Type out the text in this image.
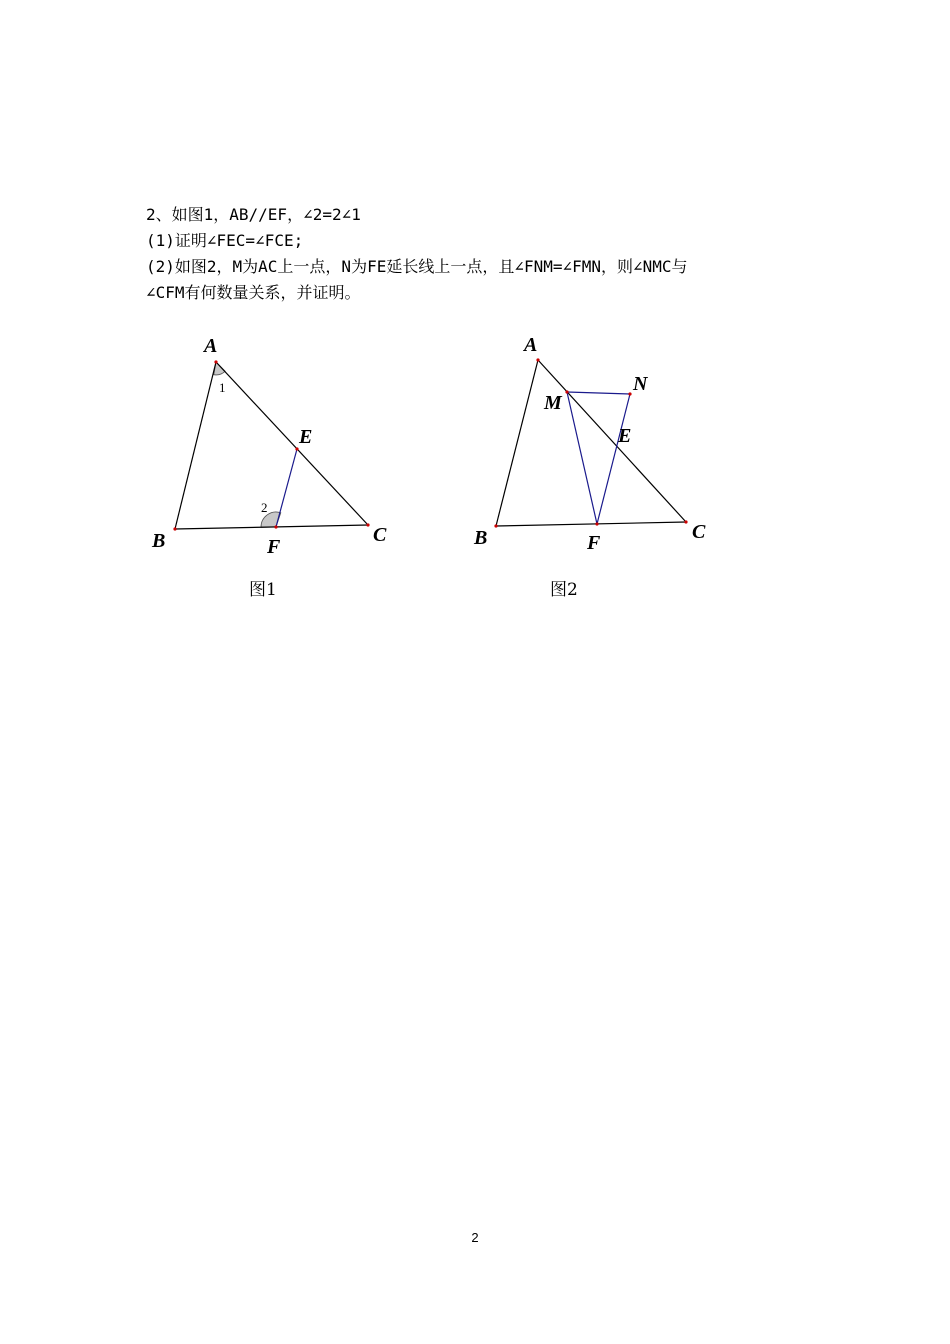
2、如图1，AB//EF，∠2=2∠1
(1)证明∠FEC=∠FCE;
(2)如图2，M为AC上一点，N为FE延长线上一点，且∠FNM=∠FMN，则∠NMC与
∠CFM有何数量关系，并证明。
A
B	C
E
F
1
2
A
B	C
E
F
M
N
图1	图2
2
